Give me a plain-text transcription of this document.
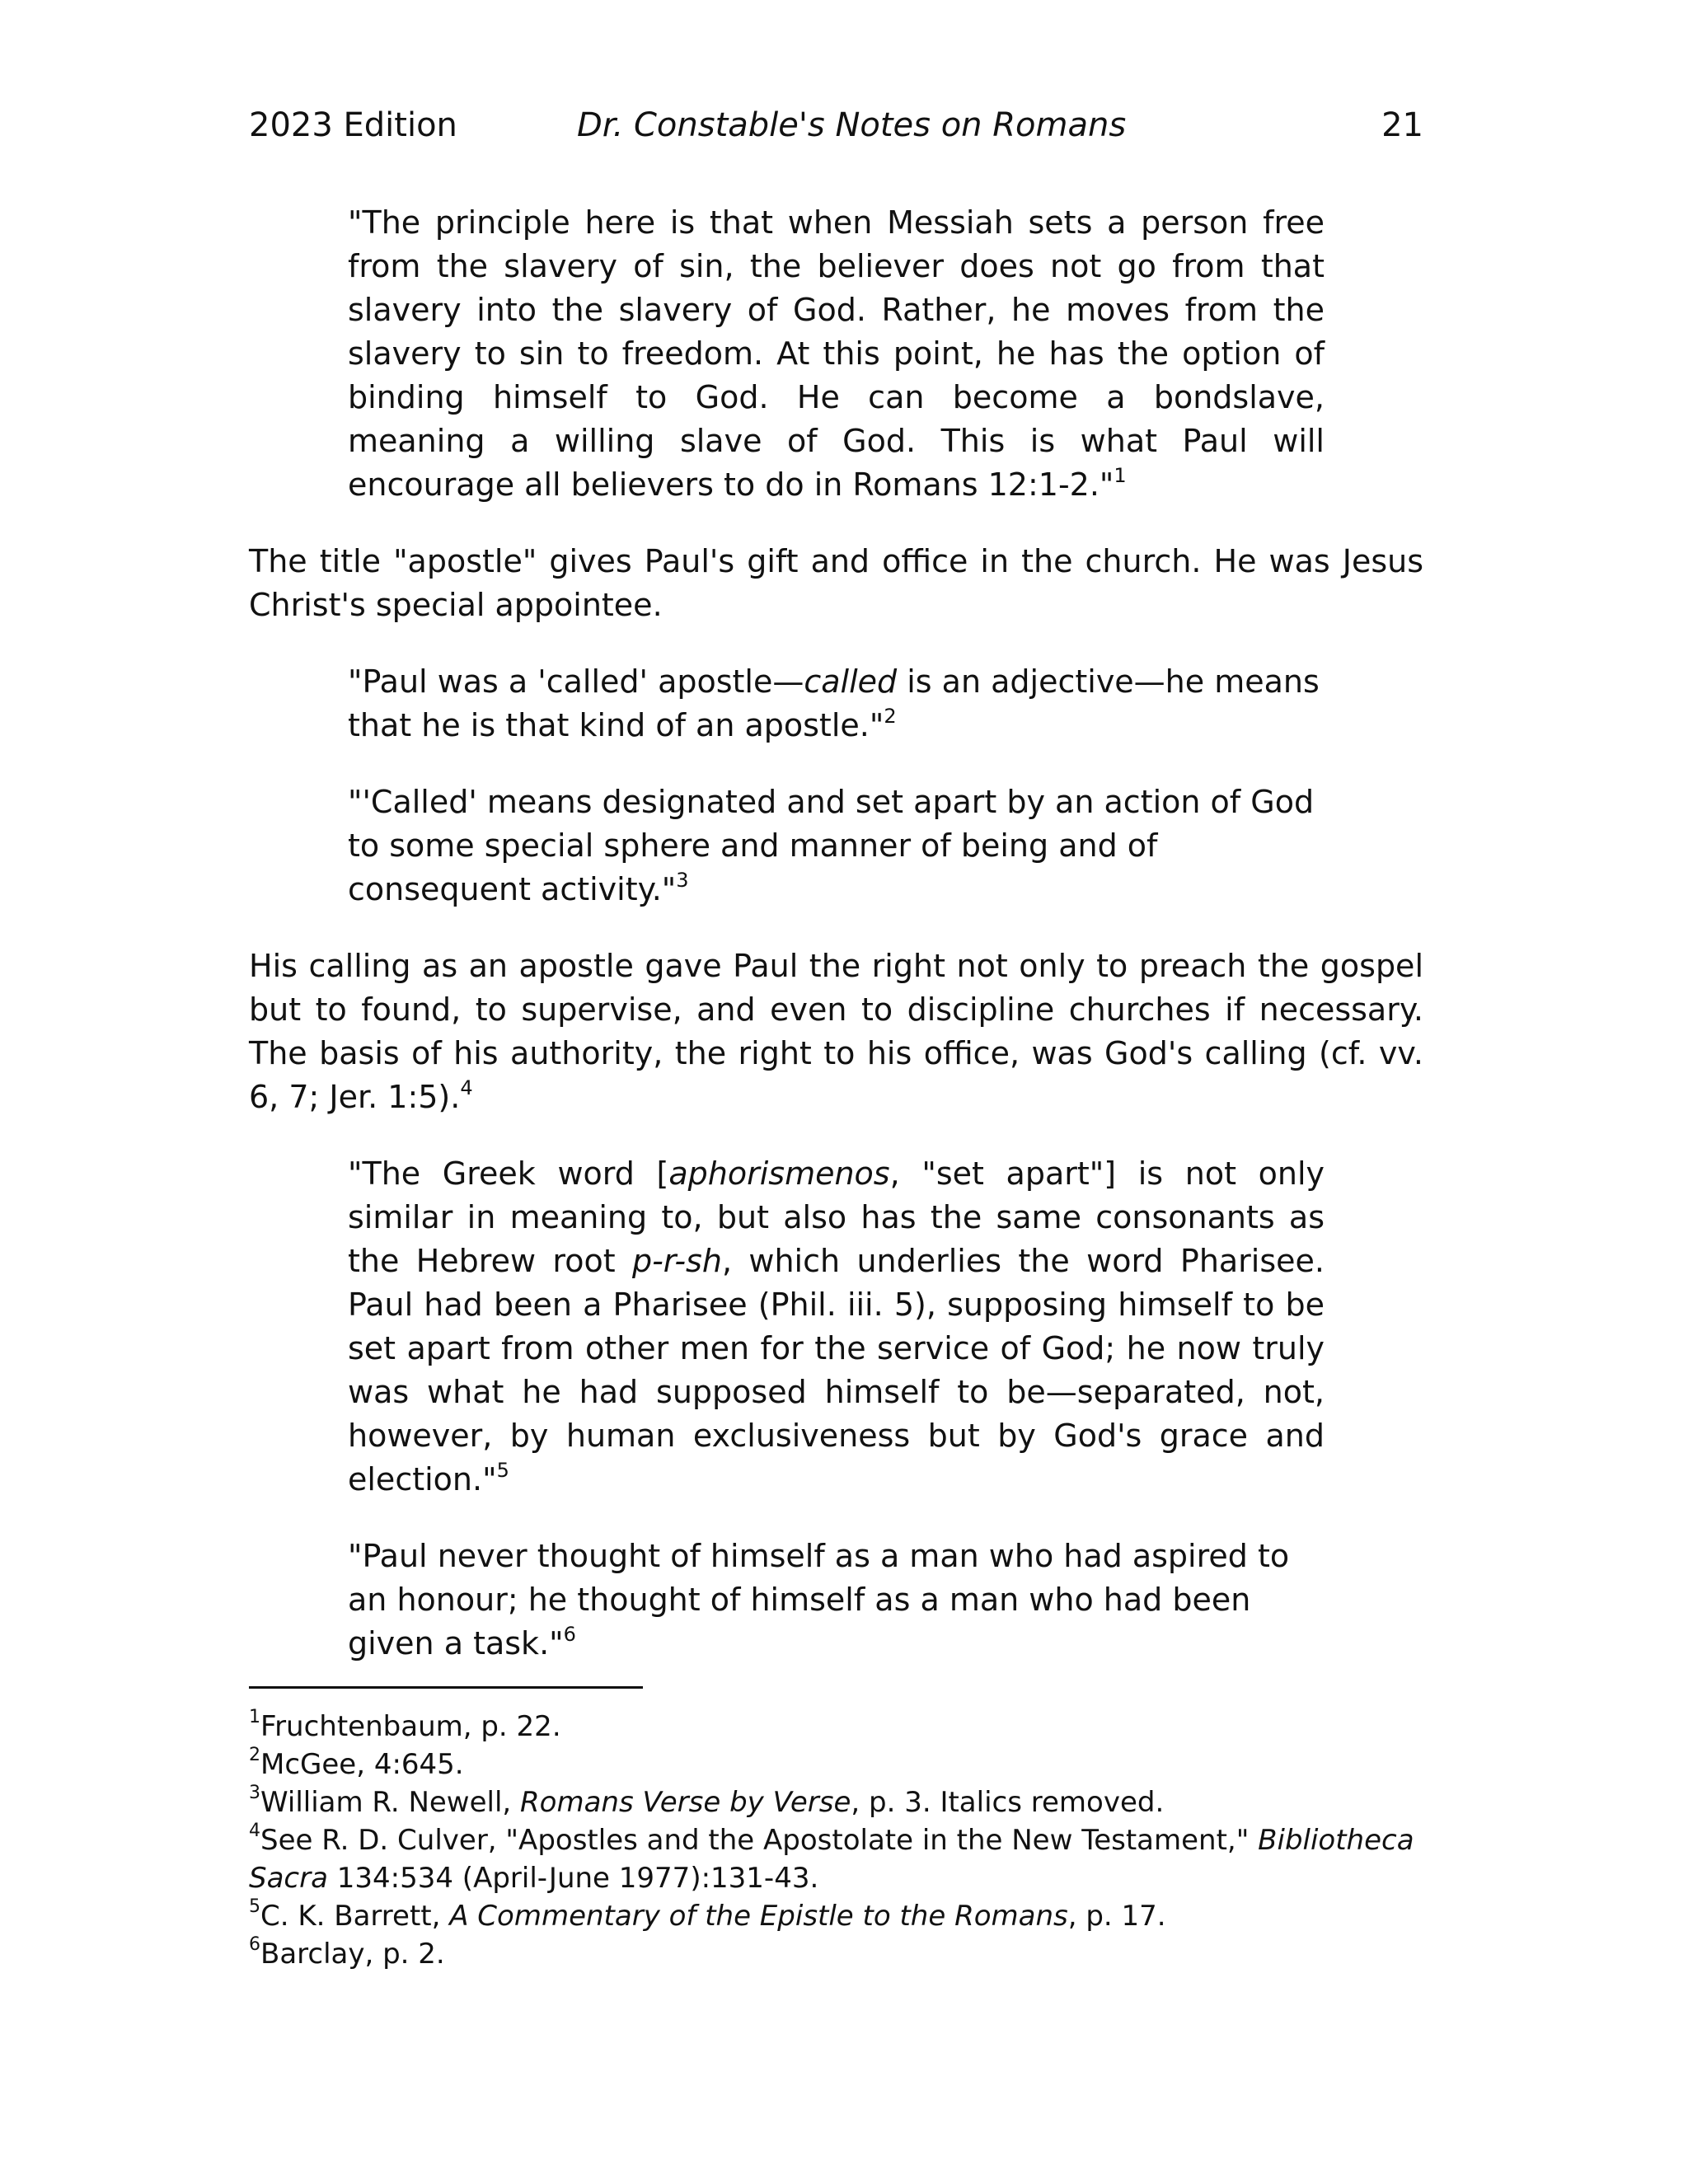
2023 Edition	Dr. Constable's Notes on Romans	21

"The principle here is that when Messiah sets a person free from the slavery of sin, the believer does not go from that slavery into the slavery of God. Rather, he moves from the slavery to sin to freedom. At this point, he has the option of binding himself to God. He can become a bondslave, meaning a willing slave of God. This is what Paul will encourage all believers to do in Romans 12:1-2."$^1$

The title "apostle" gives Paul's gift and office in the church. He was Jesus Christ's special appointee.

"Paul was a 'called' apostle—called is an adjective—he means that he is that kind of an apostle."$^2$

"'Called' means designated and set apart by an action of God to some special sphere and manner of being and of consequent activity."$^3$

His calling as an apostle gave Paul the right not only to preach the gospel but to found, to supervise, and even to discipline churches if necessary. The basis of his authority, the right to his office, was God's calling (cf. vv. 6, 7; Jer. 1:5).$^4$

"The Greek word [aphorismenos, "set apart"] is not only similar in meaning to, but also has the same consonants as the Hebrew root p-r-sh, which underlies the word Pharisee. Paul had been a Pharisee (Phil. iii. 5), supposing himself to be set apart from other men for the service of God; he now truly was what he had supposed himself to be—separated, not, however, by human exclusiveness but by God's grace and election."$^5$

"Paul never thought of himself as a man who had aspired to an honour; he thought of himself as a man who had been given a task."$^6$

$^1$Fruchtenbaum, p. 22.

$^2$McGee, 4:645.

$^3$William R. Newell, Romans Verse by Verse, p. 3. Italics removed.

$^4$See R. D. Culver, "Apostles and the Apostolate in the New Testament," Bibliotheca Sacra 134:534 (April-June 1977):131-43.

$^5$C. K. Barrett, A Commentary of the Epistle to the Romans, p. 17.

$^6$Barclay, p. 2.
